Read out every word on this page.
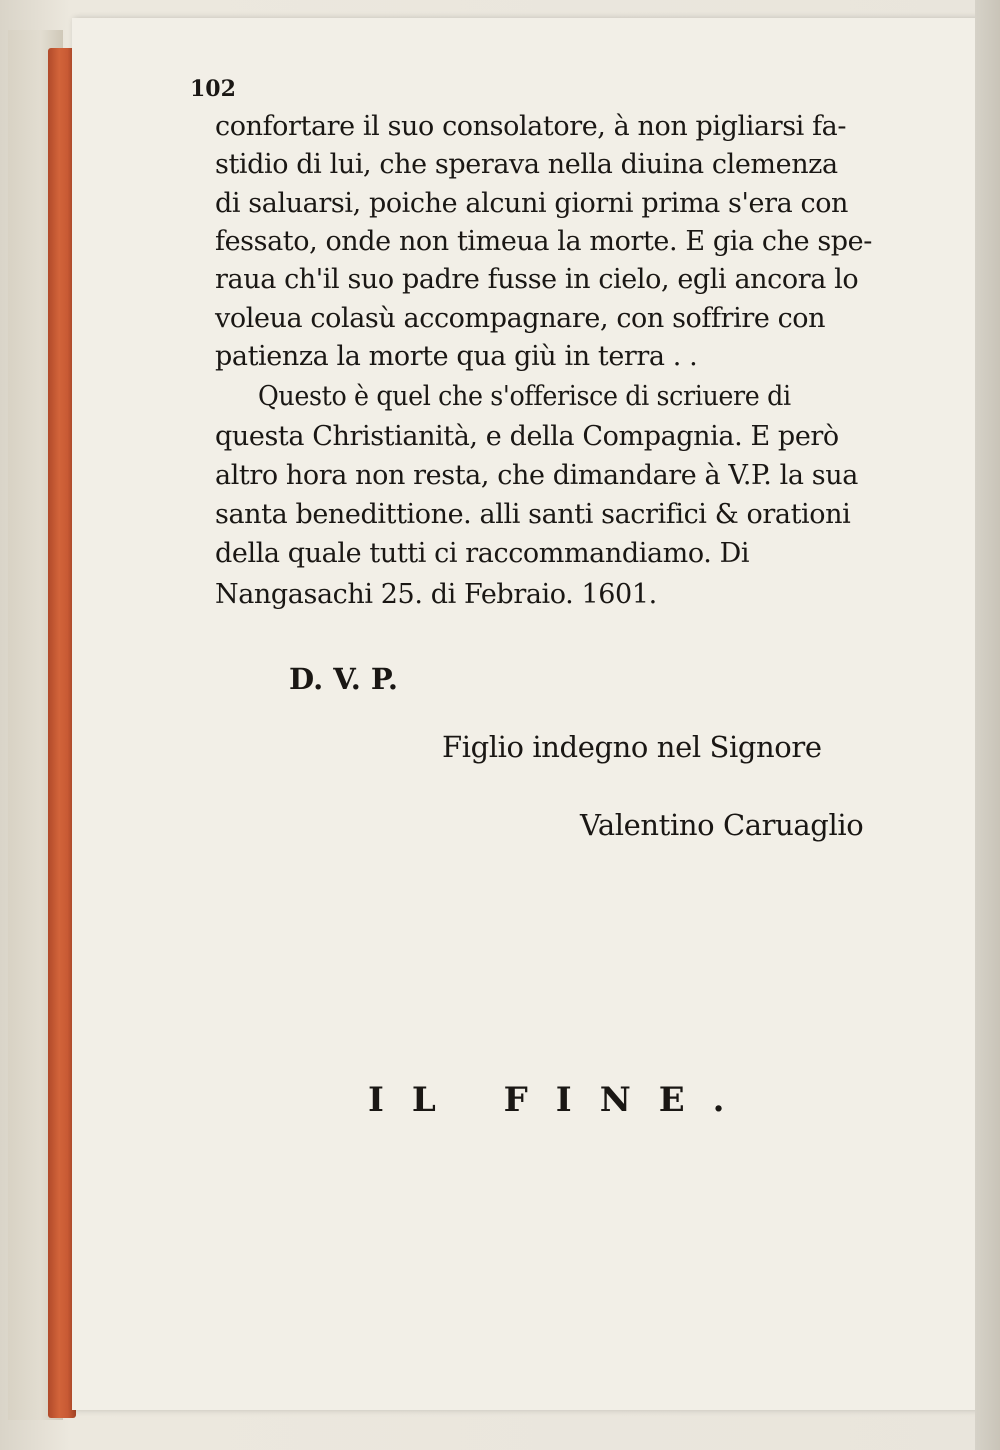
102
confortare il suo consolatore, à non pigliarsi fa-
stidio di lui, che sperava nella diuina clemenza
di saluarsi, poiche alcuni giorni prima s'era con
fessato, onde non timeua la morte. E gia che spe-
raua ch'il suo padre fusse in cielo, egli ancora lo
voleua colasù accompagnare, con soffrire con
patienza la morte qua giù in terra . .
Questo è quel che s'offerisce di scriuere di
questa Christianità, e della Compagnia. E però
altro hora non resta, che dimandare à V.P. la sua
santa benedittione. alli santi sacrifici & orationi
della quale tutti ci raccommandiamo. Di
Nangasachi 25. di Febraio. 1601.
D. V. P.
Figlio indegno nel Signore
Valentino Caruaglio
IL FINE.
